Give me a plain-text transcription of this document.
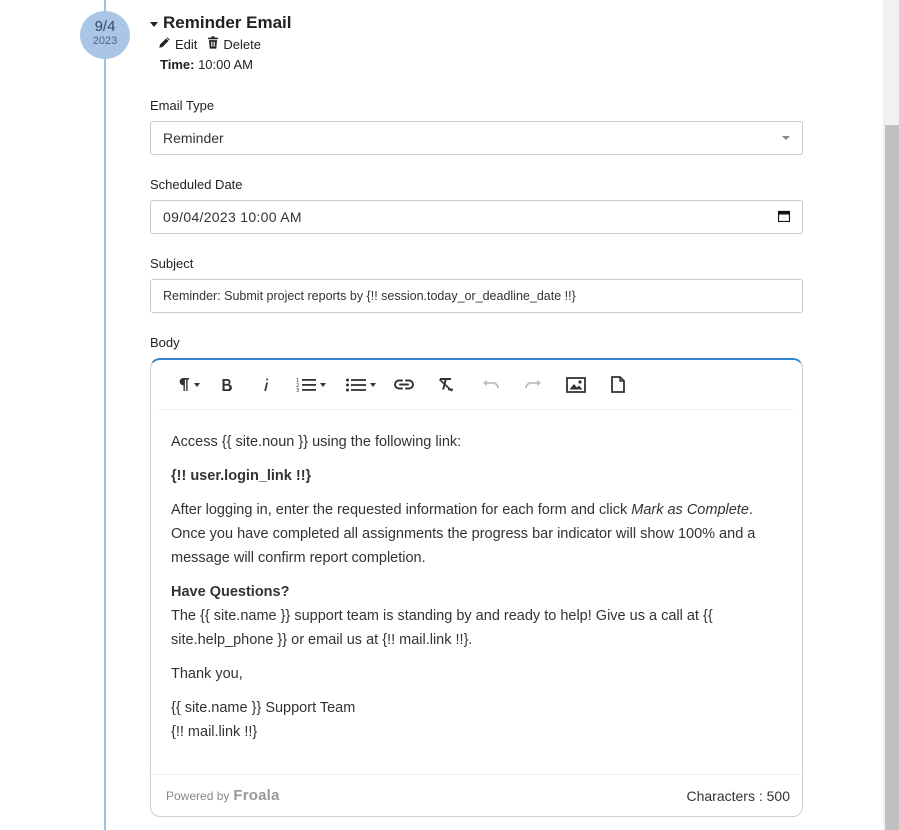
9/4
2023
Reminder Email
Edit Delete
Time: 10:00 AM
Email Type
Reminder
Scheduled Date
09/04/2023 10:00 AM
Subject
Reminder: Submit project reports by {!! session.today_or_deadline_date !!}
Body
1
2
3

Access {{ site.noun }} using the following link:

{!! user.login_link !!}

After logging in, enter the requested information for each form and click Mark as Complete. Once you have completed all assignments the progress bar indicator will show 100% and a message will confirm report completion.

Have Questions?

The {{ site.name }} support team is standing by and ready to help! Give us a call at {{ site.help_phone }} or email us at {!! mail.link !!}.

Thank you,

{{ site.name }} Support Team

{!! mail.link !!}

Powered by Froala	Characters : 500
